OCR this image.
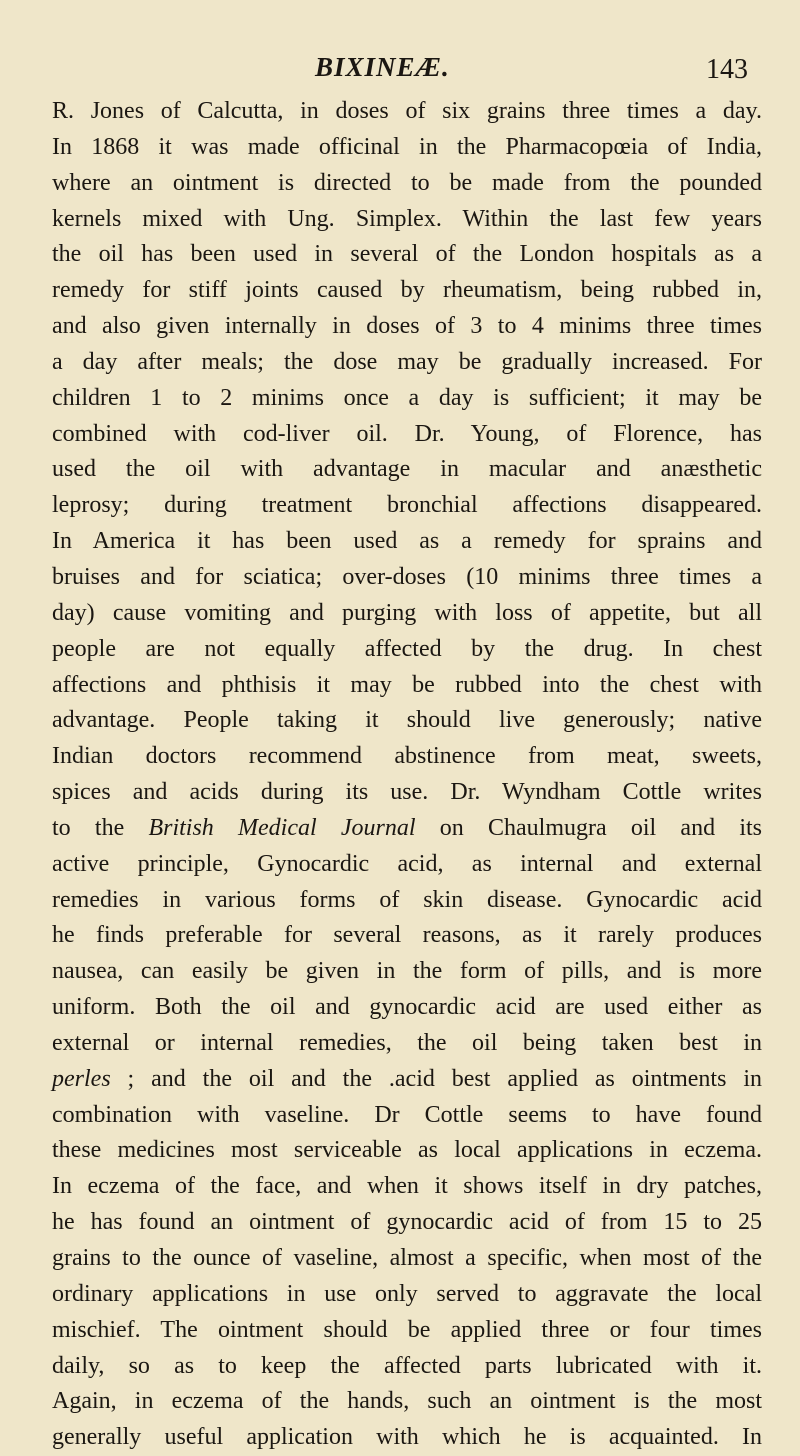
BIXINEÆ.	143
R. Jones of Calcutta, in doses of six grains three times a day.
In 1868 it was made officinal in the Pharmacopœia of India,
where an ointment is directed to be made from the pounded
kernels mixed with Ung. Simplex. Within the last few years
the oil has been used in several of the London hospitals as a
remedy for stiff joints caused by rheumatism, being rubbed in,
and also given internally in doses of 3 to 4 minims three times
a day after meals; the dose may be gradually increased. For
children 1 to 2 minims once a day is sufficient; it may be
combined with cod-liver oil. Dr. Young, of Florence, has
used the oil with advantage in macular and anæsthetic
leprosy; during treatment bronchial affections disappeared.
In America it has been used as a remedy for sprains and
bruises and for sciatica; over-doses (10 minims three times a
day) cause vomiting and purging with loss of appetite, but all
people are not equally affected by the drug. In chest
affections and phthisis it may be rubbed into the chest with
advantage. People taking it should live generously; native
Indian doctors recommend abstinence from meat, sweets,
spices and acids during its use. Dr. Wyndham Cottle writes
to the British Medical Journal on Chaulmugra oil and its
active principle, Gynocardic acid, as internal and external
remedies in various forms of skin disease. Gynocardic acid
he finds preferable for several reasons, as it rarely produces
nausea, can easily be given in the form of pills, and is more
uniform. Both the oil and gynocardic acid are used either as
external or internal remedies, the oil being taken best in
perles ; and the oil and the .acid best applied as ointments in
combination with vaseline. Dr Cottle seems to have found
these medicines most serviceable as local applications in eczema.
In eczema of the face, and when it shows itself in dry patches,
he has found an ointment of gynocardic acid of from 15 to 25
grains to the ounce of vaseline, almost a specific, when most of the
ordinary applications in use only served to aggravate the local
mischief. The ointment should be applied three or four times
daily, so as to keep the affected parts lubricated with it.
Again, in eczema of the hands, such an ointment is the most
generally useful application with which he is acquainted. In
